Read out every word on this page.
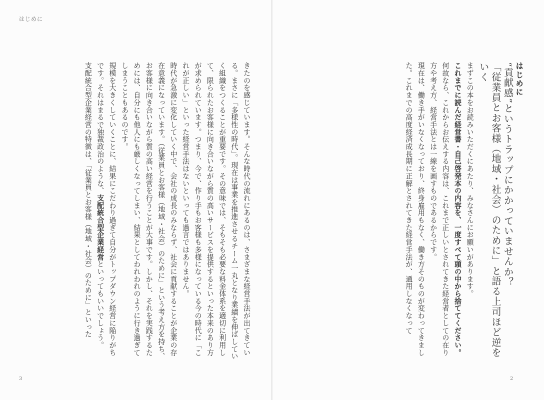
はじめに

きたのを感じています。そんな時代の流れにあるのは、さまざまな経営手法が出てきている。まさに「多様性の時代」。現在は事業を推進させるチーム一丸となり業績を伸ばしていく組織をつくることが重要です。その意味では、そもそも必要な料金体系を適切に利用して、限られたお客様に向き合いながら質の高いサービスを提供するといった本来のあり方が求められています。つまり、今で、作り手もお客様も多様になっている今の時代に「これが正しい」といった経営手法はないといっても過言ではありません。

時代が急激に変化していく中で、会社の成長のみならず、社会に貢献することが企業の存在意義になっています。（従業員とお客様（地域・社会）のために」という考え方を持ち、お客様に向き合いながら質の高い経営を行うことが大事です。しかし、それを実践するためには、自分にも他人にも厳しくなってしまい、結果としてわれわれのように行き過ぎてしまうこともあるのです。

規模を大きくしていくことに、結果にこだわり過ぎて自分がトップダウン経営に陥りがちです。それはまるで独裁政治のような、支配統合型企業経営といってもいいでしょう。

支配統合型企業経営の特徴は、「従業員とお客様（地域・社会）のために」といった

3

はじめに

“貢献感”というトラップにかかっていませんか？

「従業員とお客様（地域・社会）のために」と語る上司ほど逆をいく

まずこの本をお読みいただくにあたり、みなさんにお願いがあります。

これまでに読んだ経営書・自己啓発本の内容を、一度すべて頭の中から捨ててください。

何故なら、これからお伝えする内容は、これまで正しいとされてきた経営者としての在り方や考え方、経営手法とは一線を画すものであるからです。

現在は、働き手がいなくなっており、終身雇用もなく、働き方そのものが変わってきました。これまでの高度経済成長期に正解とされてきた経営手法が、通用しなくなって

2
